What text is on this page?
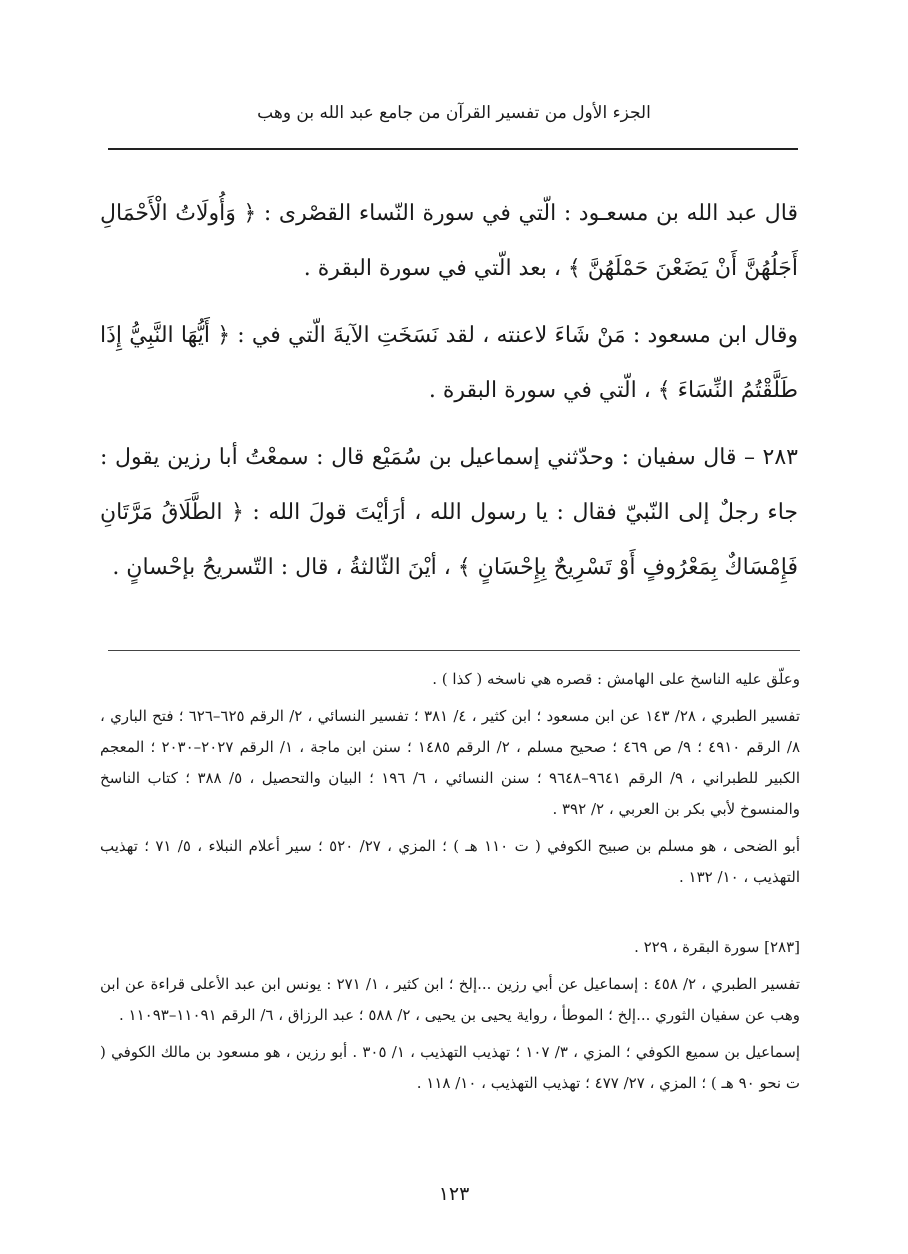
الجزء الأول من تفسير القرآن من جامع عبد الله بن وهب

قال عبد الله بن مسعـود : الّتي في سورة النّساء القصْرى : ﴿ وَأُولَاتُ الْأَحْمَالِ أَجَلُهُنَّ أَنْ يَضَعْنَ حَمْلَهُنَّ ﴾ ، بعد الّتي في سورة البقرة .

وقال ابن مسعود : مَنْ شَاءَ لاعنته ، لقد نَسَخَتِ الآيةَ الّتي في : ﴿ أَيُّهَا النَّبِيُّ إِذَا طَلَّقْتُمُ النِّسَاءَ ﴾ ، الّتي في سورة البقرة .

٢٨٣ – قال سفيان : وحدّثني إسماعيل بن سُمَيْع قال : سمعْتُ أبا رزين يقول : جاء رجلٌ إلى النّبيّ فقال : يا رسول الله ، أرَأيْتَ قولَ الله : ﴿ الطَّلَاقُ مَرَّتَانِ فَإِمْسَاكٌ بِمَعْرُوفٍ أَوْ تَسْرِيحٌ بِإِحْسَانٍ ﴾ ، أيْنَ الثّالثةُ ، قال : التّسريحُ بإحْسانٍ .

وعلّق عليه الناسخ على الهامش : قصره هي ناسخه ( كذا ) .

تفسير الطبري ، ٢٨/ ١٤٣ عن ابن مسعود ؛ ابن كثير ، ٤/ ٣٨١ ؛ تفسير النسائي ، ٢/ الرقم ٦٢٥–٦٢٦ ؛ فتح الباري ، ٨/ الرقم ٤٩١٠ ؛ ٩/ ص ٤٦٩ ؛ صحيح مسلم ، ٢/ الرقم ١٤٨٥ ؛ سنن ابن ماجة ، ١/ الرقم ٢٠٢٧–٢٠٣٠ ؛ المعجم الكبير للطبراني ، ٩/ الرقم ٩٦٤١–٩٦٤٨ ؛ سنن النسائي ، ٦/ ١٩٦ ؛ البيان والتحصيل ، ٥/ ٣٨٨ ؛ كتاب الناسخ والمنسوخ لأبي بكر بن العربي ، ٢/ ٣٩٢ .

أبو الضحى ، هو مسلم بن صبيح الكوفي ( ت ١١٠ هـ ) ؛ المزي ، ٢٧/ ٥٢٠ ؛ سير أعلام النبلاء ، ٥/ ٧١ ؛ تهذيب التهذيب ، ١٠/ ١٣٢ .

[٢٨٣] سورة البقرة ، ٢٢٩ .

تفسير الطبري ، ٢/ ٤٥٨ : إسماعيل عن أبي رزين ...إلخ ؛ ابن كثير ، ١/ ٢٧١ : يونس ابن عبد الأعلى قراءة عن ابن وهب عن سفيان الثوري ...إلخ ؛ الموطأ ، رواية يحيى بن يحيى ، ٢/ ٥٨٨ ؛ عبد الرزاق ، ٦/ الرقم ١١٠٩١–١١٠٩٣ .

إسماعيل بن سميع الكوفي ؛ المزي ، ٣/ ١٠٧ ؛ تهذيب التهذيب ، ١/ ٣٠٥ . أبو رزين ، هو مسعود بن مالك الكوفي ( ت نحو ٩٠ هـ ) ؛ المزي ، ٢٧/ ٤٧٧ ؛ تهذيب التهذيب ، ١٠/ ١١٨ .

١٢٣
